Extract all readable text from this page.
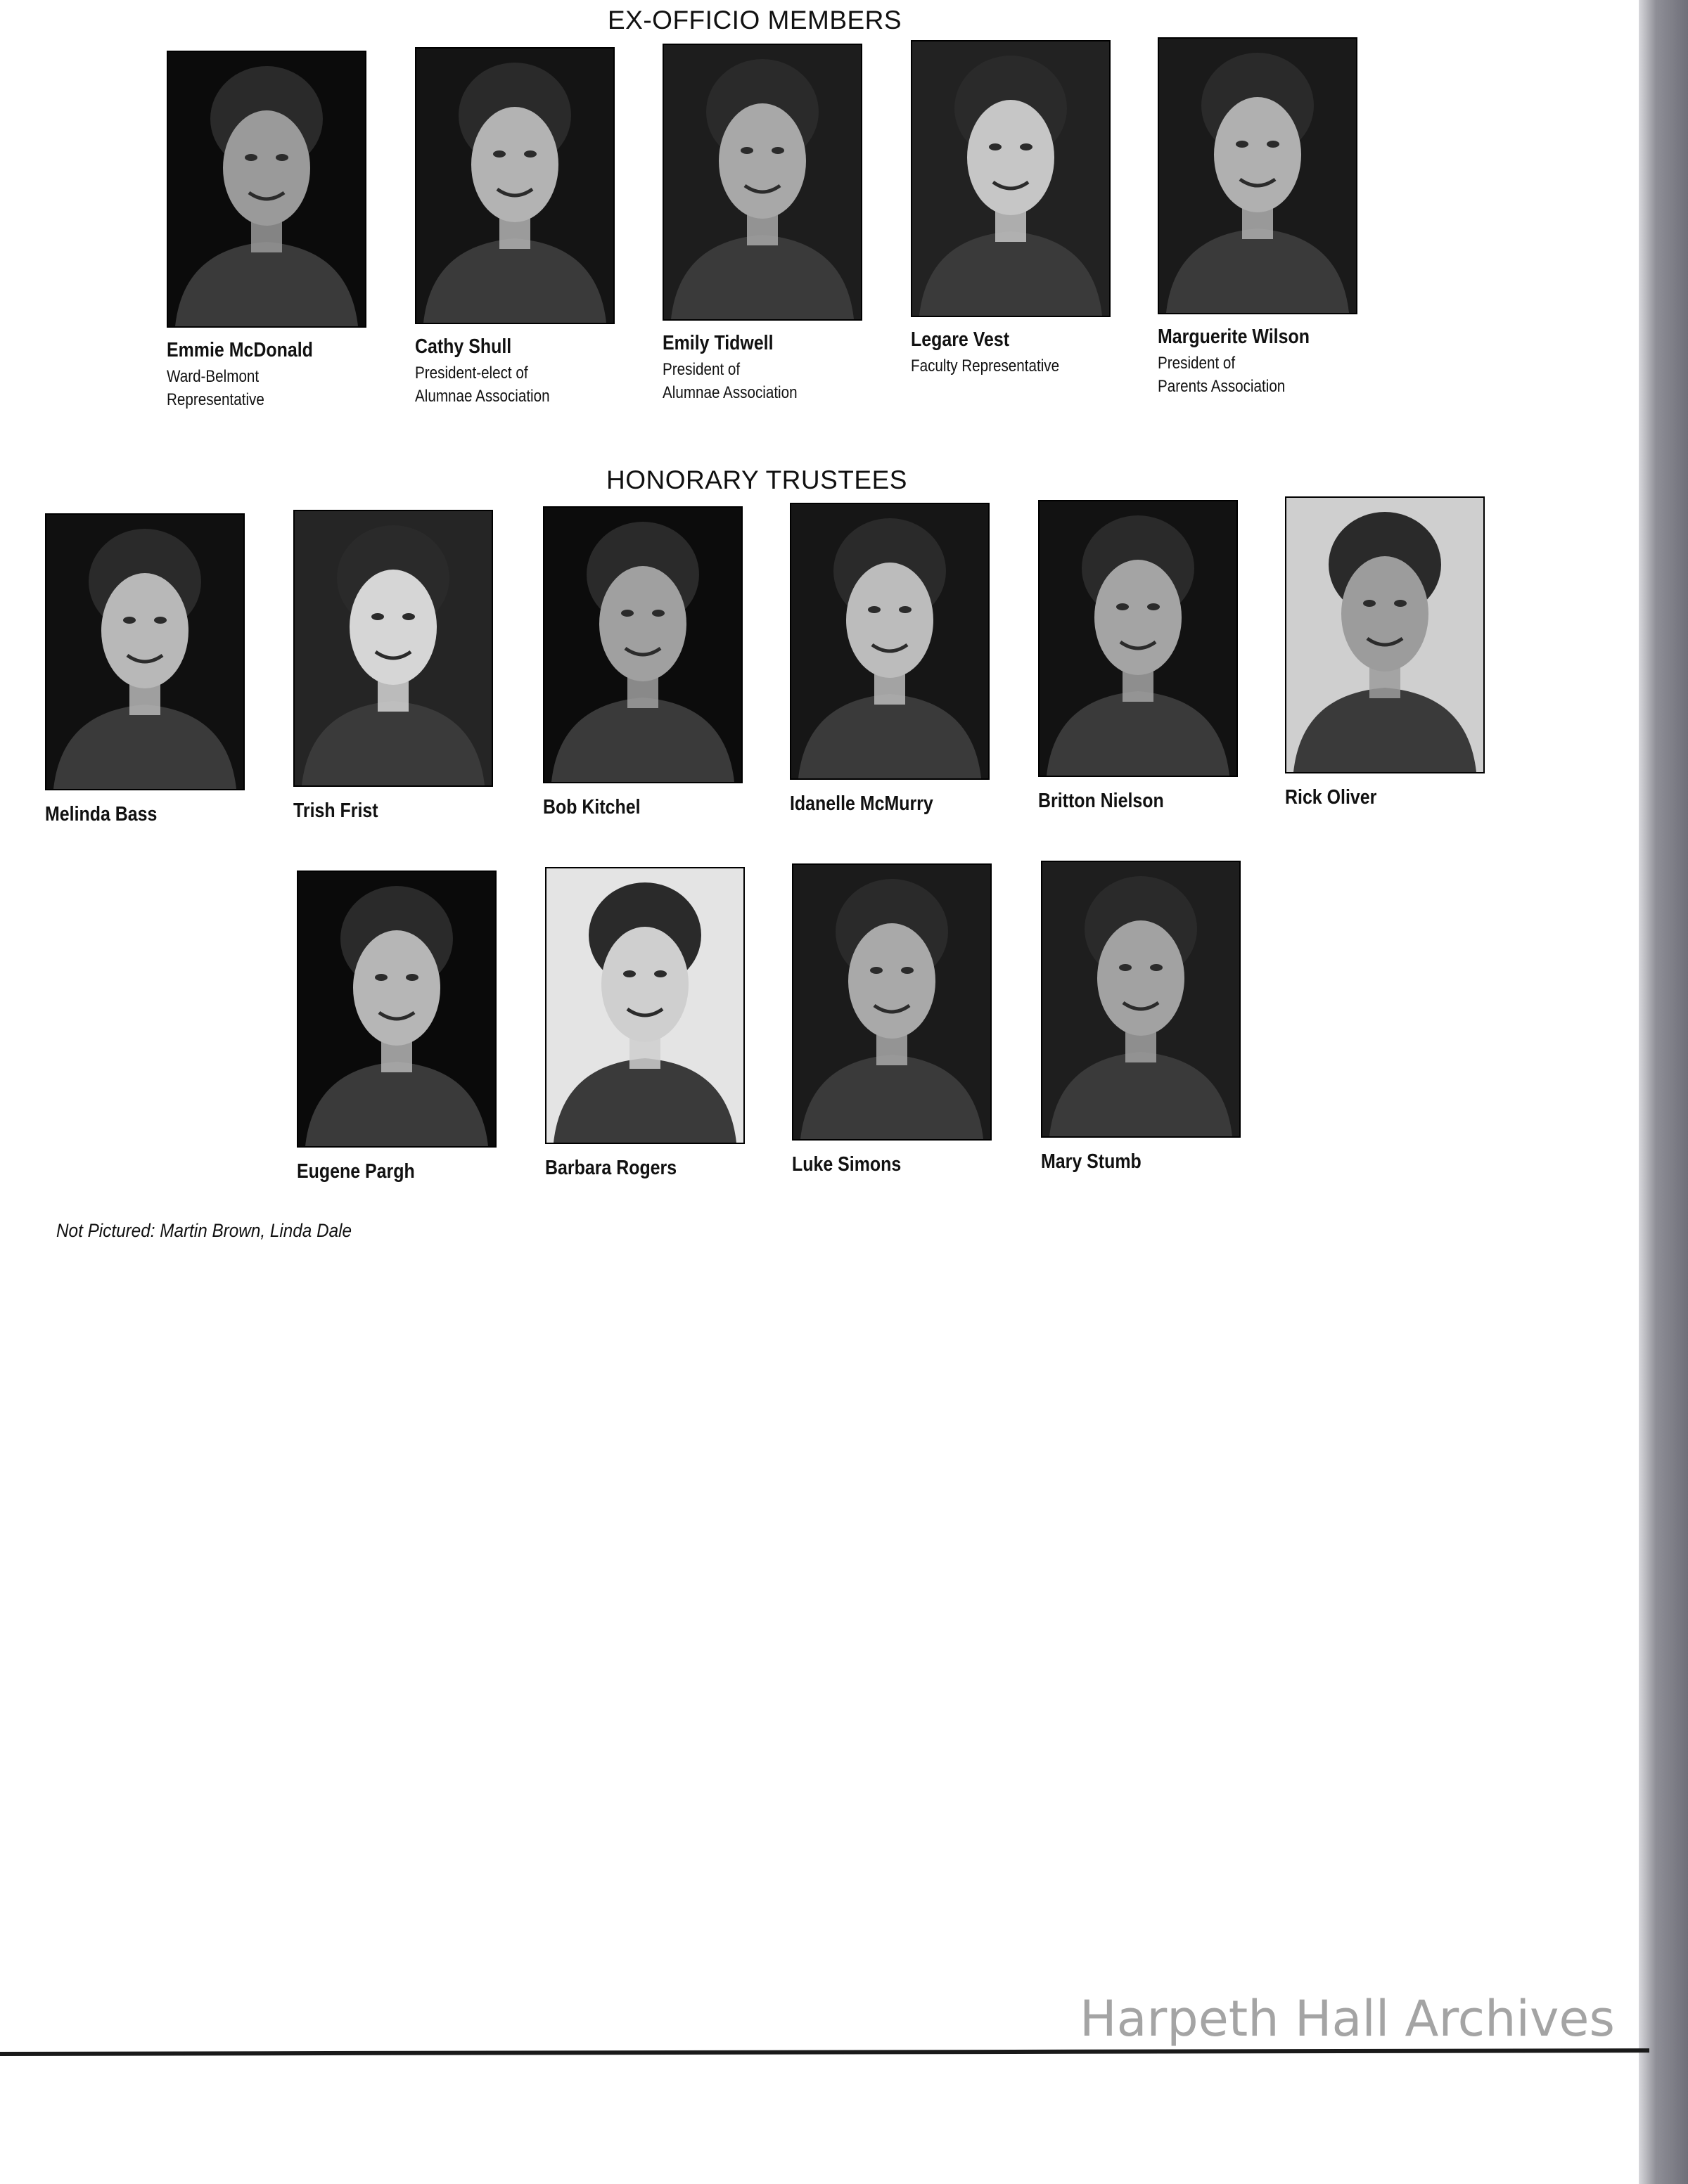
EX-OFFICIO MEMBERS
Emmie McDonald
Ward-Belmont
Representative
Cathy Shull
President-elect of
Alumnae Association
Emily Tidwell
President of
Alumnae Association
Legare Vest
Faculty Representative
Marguerite Wilson
President of
Parents Association
HONORARY TRUSTEES
Melinda Bass	Trish Frist	Bob Kitchel	Idanelle McMurry	Britton Nielson	Rick Oliver
Eugene Pargh	Barbara Rogers	Luke Simons	Mary Stumb
Not Pictured: Martin Brown, Linda Dale
Harpeth Hall Archives
